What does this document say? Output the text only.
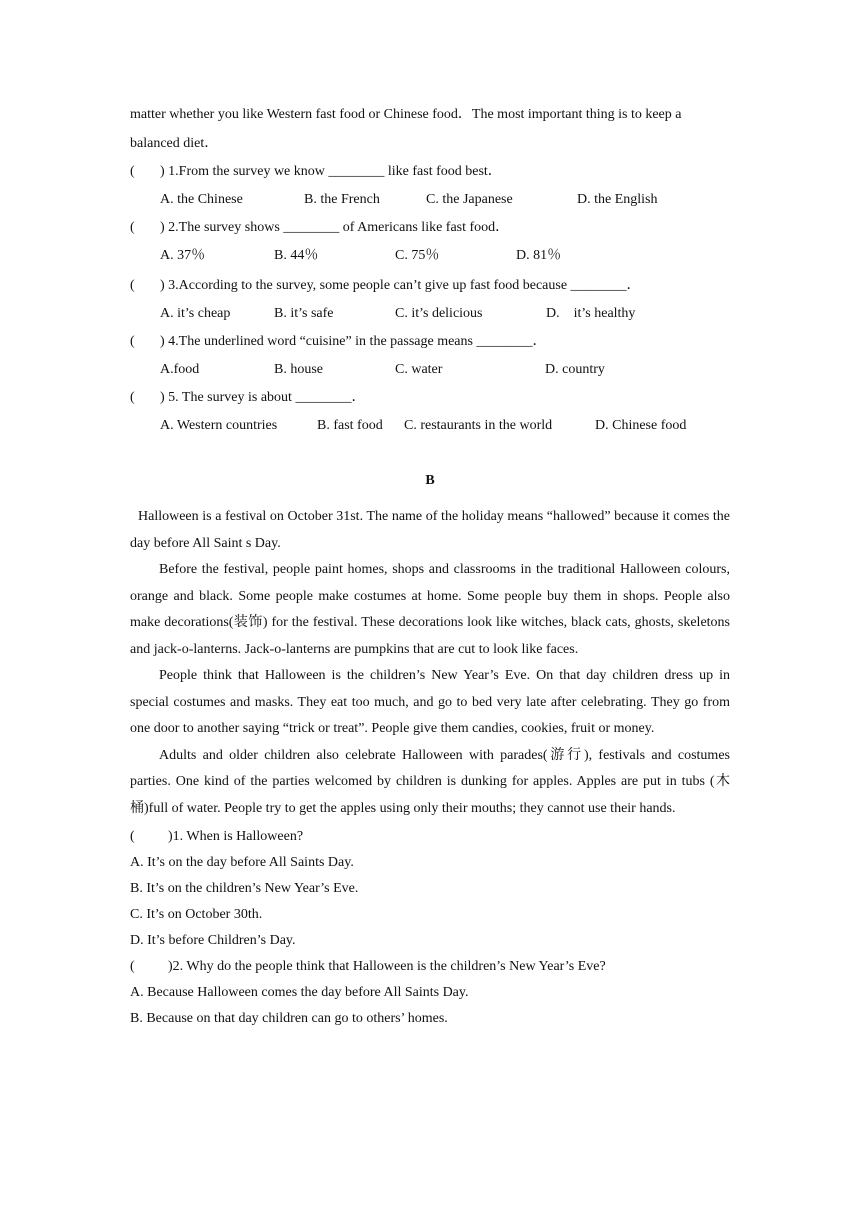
matter whether you like Western fast food or Chinese food．The most important thing is to keep a
balanced diet．
( ) 1.From the survey we know ________ like fast food best．
A. the Chinese	B. the French	C. the Japanese	D. the English
( ) 2.The survey shows ________ of Americans like fast food．
A. 37％	B. 44％	C. 75％	D. 81％
( ) 3.According to the survey, some people can’t give up fast food because ________．
A. it’s cheap	B. it’s safe	C. it’s delicious	D.　it’s healthy
( ) 4.The underlined word “cuisine” in the passage means ________．
A.food	B. house	C. water	D. country
( ) 5. The survey is about ________．
A. Western countries	B. fast food C. restaurants in the world	D. Chinese food
B

Halloween is a festival on October 31st. The name of the holiday means “hallowed” because it comes the day before All Saint s Day.

Before the festival, people paint homes, shops and classrooms in the traditional Halloween colours, orange and black. Some people make costumes at home. Some people buy them in shops. People also make decorations(装饰) for the festival. These decorations look like witches, black cats, ghosts, skeletons and jack-o-lanterns. Jack-o-lanterns are pumpkins that are cut to look like faces.

People think that Halloween is the children’s New Year’s Eve. On that day children dress up in special costumes and masks. They eat too much, and go to bed very late after celebrating. They go from one door to another saying “trick or treat”. People give them candies, cookies, fruit or money.

Adults and older children also celebrate Halloween with parades(游行), festivals and costumes parties. One kind of the parties welcomed by children is dunking for apples. Apples are put in tubs (木桶)full of water. People try to get the apples using only their mouths; they cannot use their hands.

( )1. When is Halloween?
A. It’s on the day before All Saints Day.
B. It’s on the children’s New Year’s Eve.
C. It’s on October 30th.
D. It’s before Children’s Day.
( )2. Why do the people think that Halloween is the children’s New Year’s Eve?
A. Because Halloween comes the day before All Saints Day.
B. Because on that day children can go to others’ homes.
